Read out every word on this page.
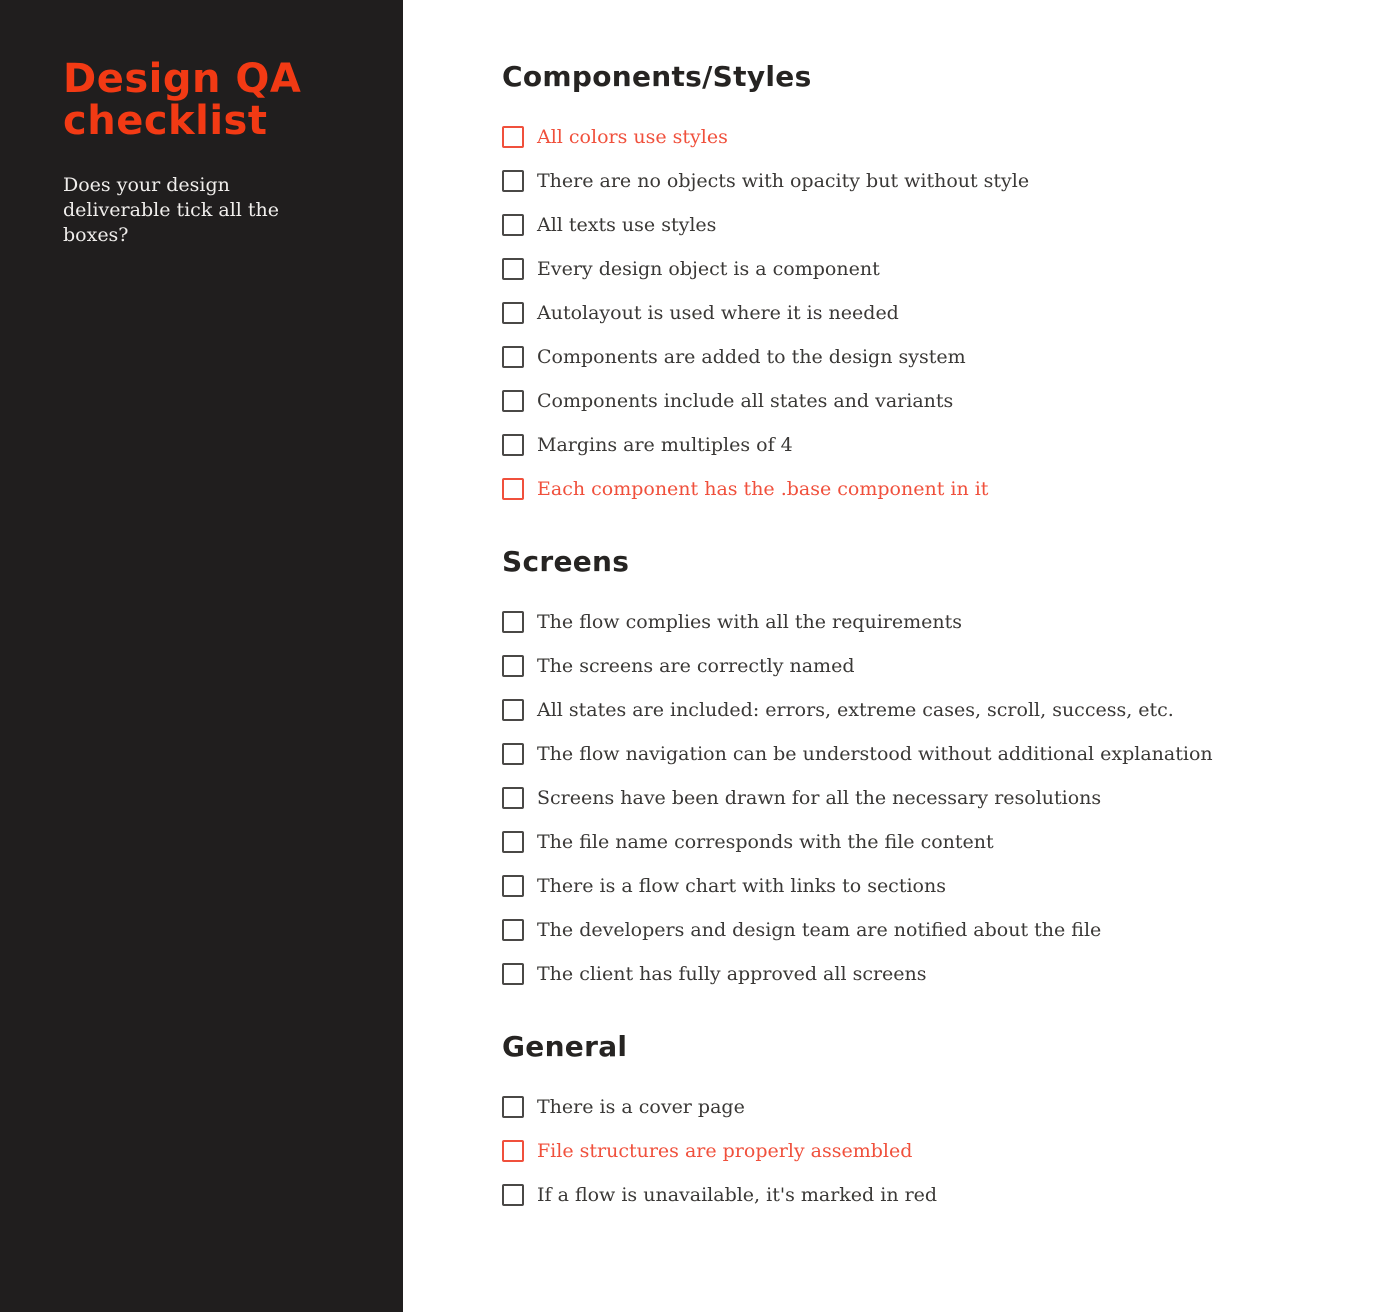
Design QA
checklist
Does your design deliverable tick all the boxes?
Components/Styles
All colors use styles
There are no objects with opacity but without style
All texts use styles
Every design object is a component
Autolayout is used where it is needed
Components are added to the design system
Components include all states and variants
Margins are multiples of 4
Each component has the .base component in it
Screens
The flow complies with all the requirements
The screens are correctly named
All states are included: errors, extreme cases, scroll, success, etc.
The flow navigation can be understood without additional explanation
Screens have been drawn for all the necessary resolutions
The file name corresponds with the file content
There is a flow chart with links to sections
The developers and design team are notified about the file
The client has fully approved all screens
General
There is a cover page
File structures are properly assembled
If a flow is unavailable, it's marked in red
